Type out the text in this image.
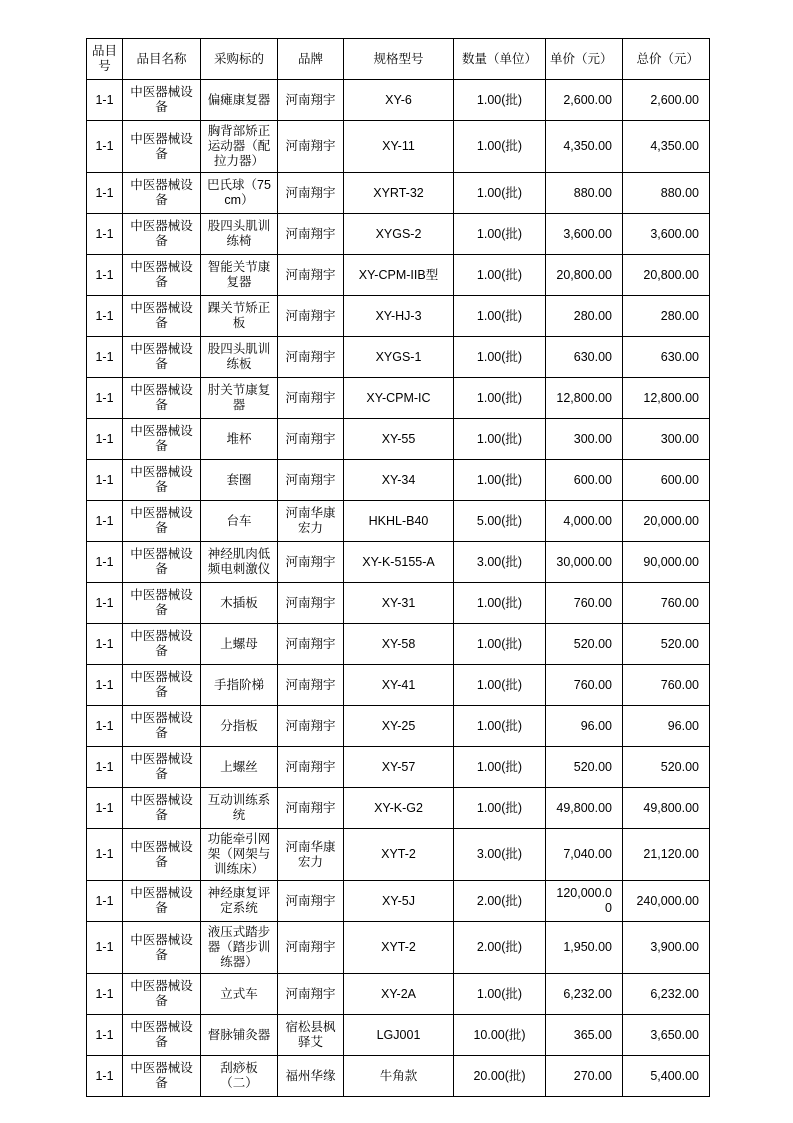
品目号	品目名称	采购标的	品牌	规格型号	数量（单位）	单价（元）	总价（元）
1-1	中医器械设备	偏瘫康复器	河南翔宇	XY-6	1.00(批)	2,600.00	2,600.00
1-1	中医器械设备	胸背部矫正运动器（配拉力器）	河南翔宇	XY-11	1.00(批)	4,350.00	4,350.00
1-1	中医器械设备	巴氏球（75cm）	河南翔宇	XYRT-32	1.00(批)	880.00	880.00
1-1	中医器械设备	股四头肌训练椅	河南翔宇	XYGS-2	1.00(批)	3,600.00	3,600.00
1-1	中医器械设备	智能关节康复器	河南翔宇	XY-CPM-IIB型	1.00(批)	20,800.00	20,800.00
1-1	中医器械设备	踝关节矫正板	河南翔宇	XY-HJ-3	1.00(批)	280.00	280.00
1-1	中医器械设备	股四头肌训练板	河南翔宇	XYGS-1	1.00(批)	630.00	630.00
1-1	中医器械设备	肘关节康复器	河南翔宇	XY-CPM-IC	1.00(批)	12,800.00	12,800.00
1-1	中医器械设备	堆杯	河南翔宇	XY-55	1.00(批)	300.00	300.00
1-1	中医器械设备	套圈	河南翔宇	XY-34	1.00(批)	600.00	600.00
1-1	中医器械设备	台车	河南华康宏力	HKHL-B40	5.00(批)	4,000.00	20,000.00
1-1	中医器械设备	神经肌肉低频电刺激仪	河南翔宇	XY-K-5155-A	3.00(批)	30,000.00	90,000.00
1-1	中医器械设备	木插板	河南翔宇	XY-31	1.00(批)	760.00	760.00
1-1	中医器械设备	上螺母	河南翔宇	XY-58	1.00(批)	520.00	520.00
1-1	中医器械设备	手指阶梯	河南翔宇	XY-41	1.00(批)	760.00	760.00
1-1	中医器械设备	分指板	河南翔宇	XY-25	1.00(批)	96.00	96.00
1-1	中医器械设备	上螺丝	河南翔宇	XY-57	1.00(批)	520.00	520.00
1-1	中医器械设备	互动训练系统	河南翔宇	XY-K-G2	1.00(批)	49,800.00	49,800.00
1-1	中医器械设备	功能牵引网架（网架与训练床）	河南华康宏力	XYT-2	3.00(批)	7,040.00	21,120.00
1-1	中医器械设备	神经康复评定系统	河南翔宇	XY-5J	2.00(批)	120,000.00	240,000.00
1-1	中医器械设备	液压式踏步器（踏步训练器）	河南翔宇	XYT-2	2.00(批)	1,950.00	3,900.00
1-1	中医器械设备	立式车	河南翔宇	XY-2A	1.00(批)	6,232.00	6,232.00
1-1	中医器械设备	督脉铺灸器	宿松县枫驿艾	LGJ001	10.00(批)	365.00	3,650.00
1-1	中医器械设备	刮痧板（二）	福州华缘	牛角款	20.00(批)	270.00	5,400.00
